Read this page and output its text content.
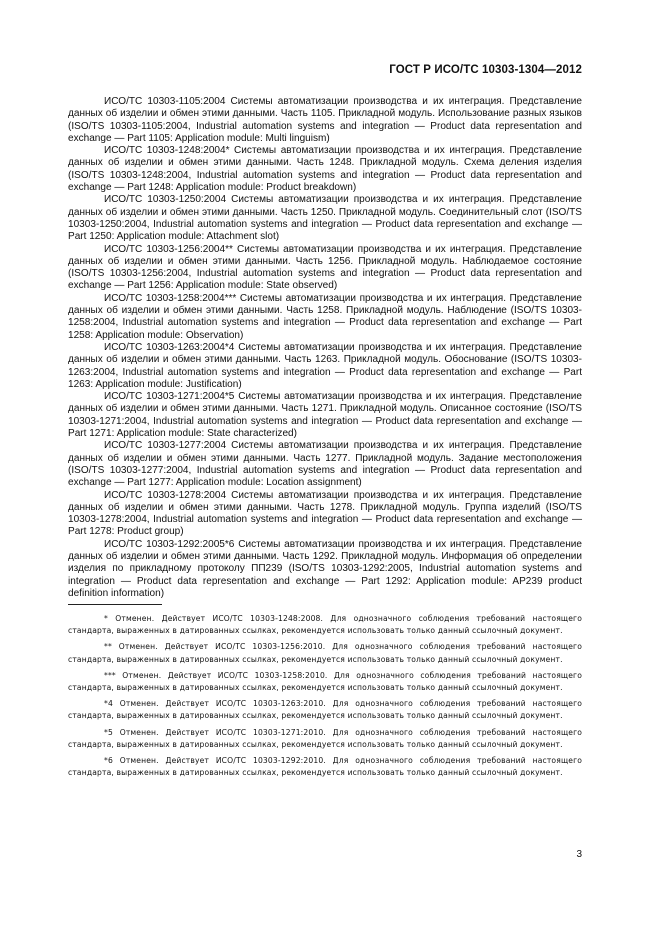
ГОСТ Р ИСО/ТС 10303-1304—2012

ИСО/ТС 10303-1105:2004 Системы автоматизации производства и их интеграция. Представление данных об изделии и обмен этими данными. Часть 1105. Прикладной модуль. Использование разных языков (ISO/TS 10303-1105:2004, Industrial automation systems and integration — Product data representation and exchange — Part 1105: Application module: Multi linguism)

ИСО/ТС 10303-1248:2004* Системы автоматизации производства и их интеграция. Представление данных об изделии и обмен этими данными. Часть 1248. Прикладной модуль. Схема деления изделия (ISO/TS 10303-1248:2004, Industrial automation systems and integration — Product data representation and exchange — Part 1248: Application module: Product breakdown)

ИСО/ТС 10303-1250:2004 Системы автоматизации производства и их интеграция. Представление данных об изделии и обмен этими данными. Часть 1250. Прикладной модуль. Соединительный слот (ISO/TS 10303-1250:2004, Industrial automation systems and integration — Product data representation and exchange — Part 1250: Application module: Attachment slot)

ИСО/ТС 10303-1256:2004** Системы автоматизации производства и их интеграция. Представление данных об изделии и обмен этими данными. Часть 1256. Прикладной модуль. Наблюдаемое состояние (ISO/TS 10303-1256:2004, Industrial automation systems and integration — Product data representation and exchange — Part 1256: Application module: State observed)

ИСО/ТС 10303-1258:2004*** Системы автоматизации производства и их интеграция. Представление данных об изделии и обмен этими данными. Часть 1258. Прикладной модуль. Наблюдение (ISO/TS 10303-1258:2004, Industrial automation systems and integration — Product data representation and exchange — Part 1258: Application module: Observation)

ИСО/ТС 10303-1263:2004*4 Системы автоматизации производства и их интеграция. Представление данных об изделии и обмен этими данными. Часть 1263. Прикладной модуль. Обоснование (ISO/TS 10303-1263:2004, Industrial automation systems and integration — Product data representation and exchange — Part 1263: Application module: Justification)

ИСО/ТС 10303-1271:2004*5 Системы автоматизации производства и их интеграция. Представление данных об изделии и обмен этими данными. Часть 1271. Прикладной модуль. Описанное состояние (ISO/TS 10303-1271:2004, Industrial automation systems and integration — Product data representation and exchange — Part 1271: Application module: State characterized)

ИСО/ТС 10303-1277:2004 Системы автоматизации производства и их интеграция. Представление данных об изделии и обмен этими данными. Часть 1277. Прикладной модуль. Задание местоположения (ISO/TS 10303-1277:2004, Industrial automation systems and integration — Product data representation and exchange — Part 1277: Application module: Location assignment)

ИСО/ТС 10303-1278:2004 Системы автоматизации производства и их интеграция. Представление данных об изделии и обмен этими данными. Часть 1278. Прикладной модуль. Группа изделий (ISO/TS 10303-1278:2004, Industrial automation systems and integration — Product data representation and exchange — Part 1278: Product group)

ИСО/ТС 10303-1292:2005*6 Системы автоматизации производства и их интеграция. Представление данных об изделии и обмен этими данными. Часть 1292. Прикладной модуль. Информация об определении изделия по прикладному протоколу ПП239 (ISO/TS 10303-1292:2005, Industrial automation systems and integration — Product data representation and exchange — Part 1292: Application module: AP239 product definition information)

* Отменен. Действует ИСО/ТС 10303-1248:2008. Для однозначного соблюдения требований настоящего стандарта, выраженных в датированных ссылках, рекомендуется использовать только данный ссылочный документ.

** Отменен. Действует ИСО/ТС 10303-1256:2010. Для однозначного соблюдения требований настоящего стандарта, выраженных в датированных ссылках, рекомендуется использовать только данный ссылочный документ.

*** Отменен. Действует ИСО/ТС 10303-1258:2010. Для однозначного соблюдения требований настоящего стандарта, выраженных в датированных ссылках, рекомендуется использовать только данный ссылочный документ.

*4 Отменен. Действует ИСО/ТС 10303-1263:2010. Для однозначного соблюдения требований настоящего стандарта, выраженных в датированных ссылках, рекомендуется использовать только данный ссылочный документ.

*5 Отменен. Действует ИСО/ТС 10303-1271:2010. Для однозначного соблюдения требований настоящего стандарта, выраженных в датированных ссылках, рекомендуется использовать только данный ссылочный документ.

*6 Отменен. Действует ИСО/ТС 10303-1292:2010. Для однозначного соблюдения требований настоящего стандарта, выраженных в датированных ссылках, рекомендуется использовать только данный ссылочный документ.

3
